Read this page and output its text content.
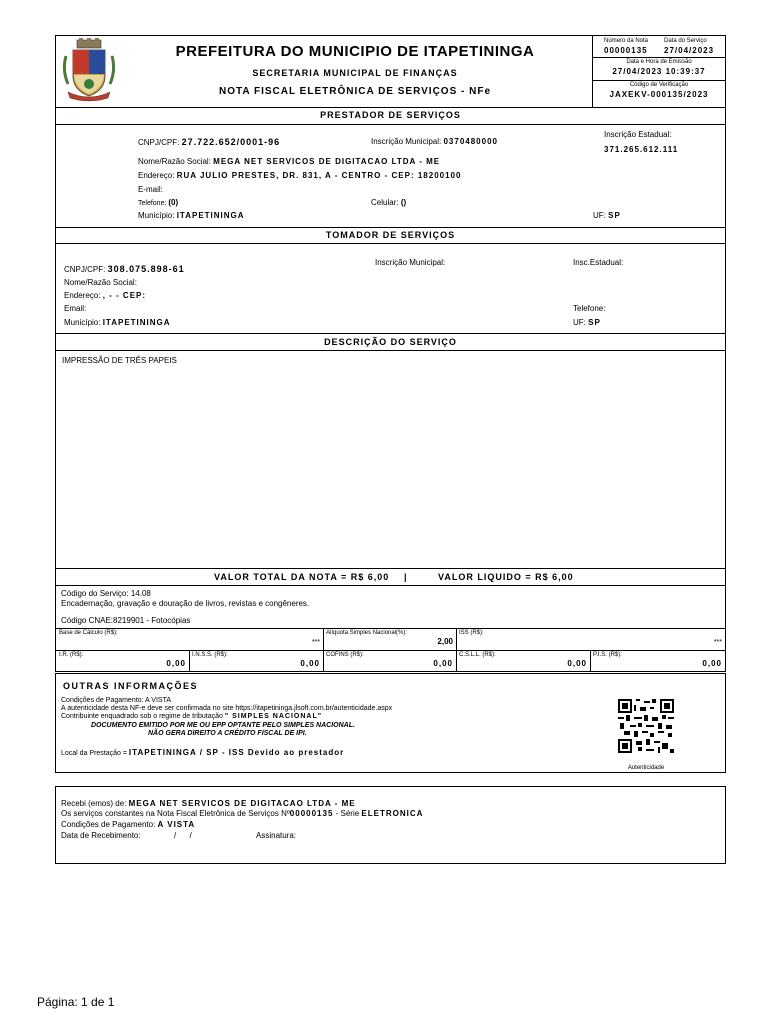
PREFEITURA DO MUNICIPIO DE ITAPETININGA
SECRETARIA MUNICIPAL DE FINANÇAS
NOTA FISCAL ELETRÔNICA DE SERVIÇOS - NFe
Número da Nota	Data do Serviço
00000135 27/04/2023
Data e Hora de Emissão
27/04/2023 10:39:37
Código de Verificação
JAXEKV-000135/2023
PRESTADOR DE SERVIÇOS
CNPJ/CPF: 27.722.652/0001-96	Inscrição Municipal: 0370480000
Inscrição Estadual:
371.265.612.111
Nome/Razão Social: MEGA NET SERVICOS DE DIGITACAO LTDA - ME
Endereço: RUA JULIO PRESTES, DR. 831, A - CENTRO - CEP: 18200100
E-mail:
Telefone: (0)	Celular: ()
Município: ITAPETININGA	UF: SP
TOMADOR DE SERVIÇOS
CNPJ/CPF: 308.075.898-61
Inscrição Municipal:	Insc.Estadual:
Nome/Razão Social:
Endereço: , - - CEP:
Email:	Telefone:
Município: ITAPETININGA	UF: SP
DESCRIÇÃO DO SERVIÇO
IMPRESSÃO DE TRÊS PAPEIS
VALOR TOTAL DA NOTA = R$ 6,00 |	VALOR LIQUIDO = R$ 6,00
Código do Serviço: 14.08
Encadernação, gravação e douração de livros, revistas e congêneres.
Código CNAE:8219901 - Fotocópias
Base de Cálculo (R$):
***
Alíquota Simples Nacional(%):
2,00
ISS (R$):
***
I.R. (R$):
0,00
I.N.S.S. (R$):
0,00
COFINS (R$):
0,00
C.S.L.L. (R$):
0,00
P.I.S. (R$):
0,00
OUTRAS INFORMAÇÕES
Condições de Pagamento: A VISTA
A autenticidade desta NF-e deve ser confirmada no site https://itapetininga.jlsoft.com.br/autenticidade.aspx
Contribuinte enquadrado sob o regime de tributação " SIMPLES NACIONAL"
DOCUMENTO EMITIDO POR ME OU EPP OPTANTE PELO SIMPLES NACIONAL.
NÃO GERA DIREITO A CRÉDITO FISCAL DE IPI.
Local da Prestação = ITAPETININGA / SP - ISS Devido ao prestador
Autenticidade
Recebi (emos) de: MEGA NET SERVICOS DE DIGITACAO LTDA - ME
Os serviços constantes na Nota Fiscal Eletrônica de Serviços Nº00000135 - Série ELETRONICA
Condições de Pagamento: A VISTA
Data de Recebimento:	/      /	Assinatura:
Página: 1 de 1
